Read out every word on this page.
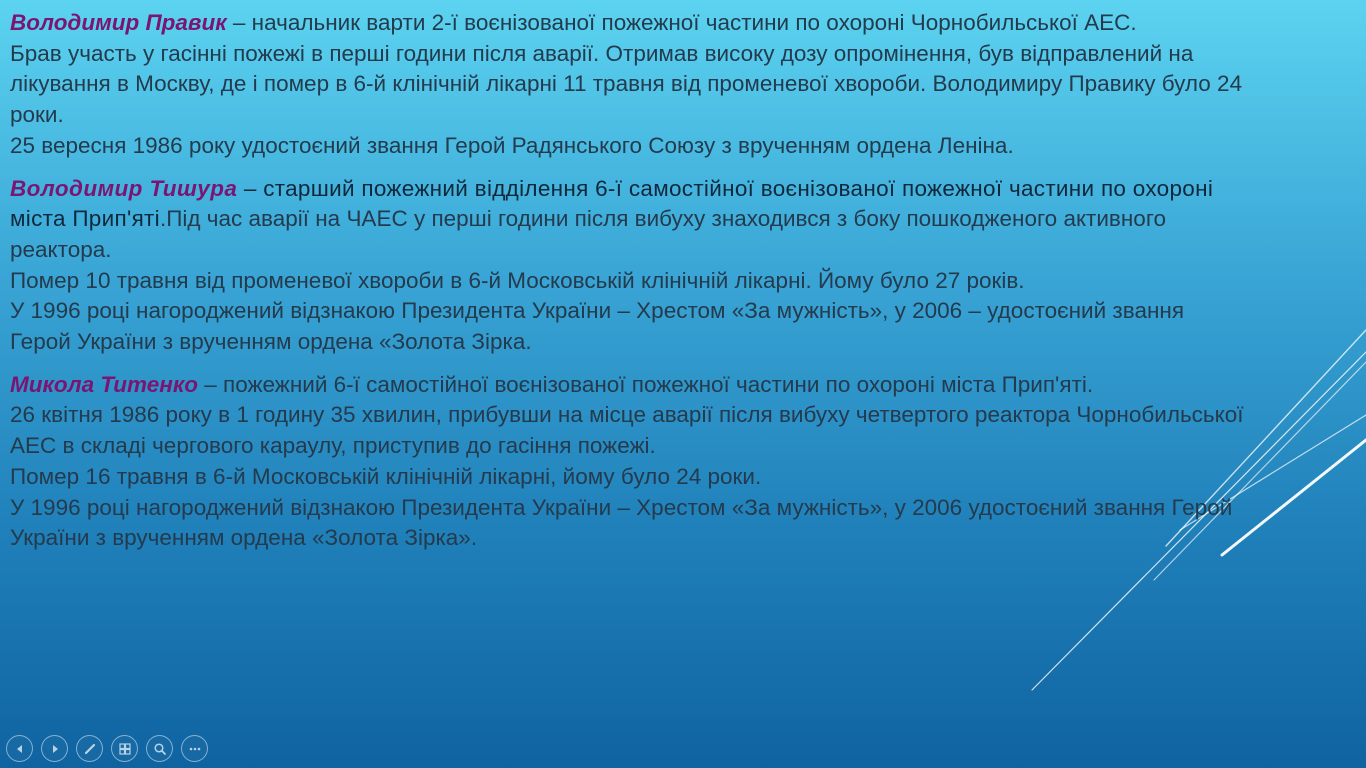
Володимир Правик – начальник варти 2-ї воєнізованої пожежної частини по охороні Чорнобильської АЕС.
Брав участь у гасінні пожежі в перші години після аварії. Отримав високу дозу опромінення, був відправлений на лікування в Москву, де і помер в 6-й клінічній лікарні 11 травня від променевої хвороби. Володимиру Правику було 24 роки.
25 вересня 1986 року удостоєний звання Герой Радянського Союзу з врученням ордена Леніна.

Володимир Тишура – старший пожежний відділення 6-ї самостійної воєнізованої пожежної частини по охороні міста Прип'яті.Під час аварії на ЧАЕС у перші години після вибуху знаходився з боку пошкодженого активного реактора.
Помер 10 травня від променевої хвороби в 6-й Московській клінічній лікарні. Йому було 27 років.
У 1996 році нагороджений відзнакою Президента України – Хрестом «За мужність», у 2006 – удостоєний звання Герой України з врученням ордена «Золота Зірка.

Микола Титенко – пожежний 6-ї самостійної воєнізованої пожежної частини по охороні міста Прип'яті.
26 квітня 1986 року в 1 годину 35 хвилин, прибувши на місце аварії після вибуху четвертого реактора Чорнобильської АЕС в складі чергового караулу, приступив до гасіння пожежі.
Помер 16 травня в 6-й Московській клінічній лікарні, йому було 24 роки.
У 1996 році нагороджений відзнакою Президента України – Хрестом «За мужність», у 2006 удостоєний звання Герой України з врученням ордена «Золота Зірка».
